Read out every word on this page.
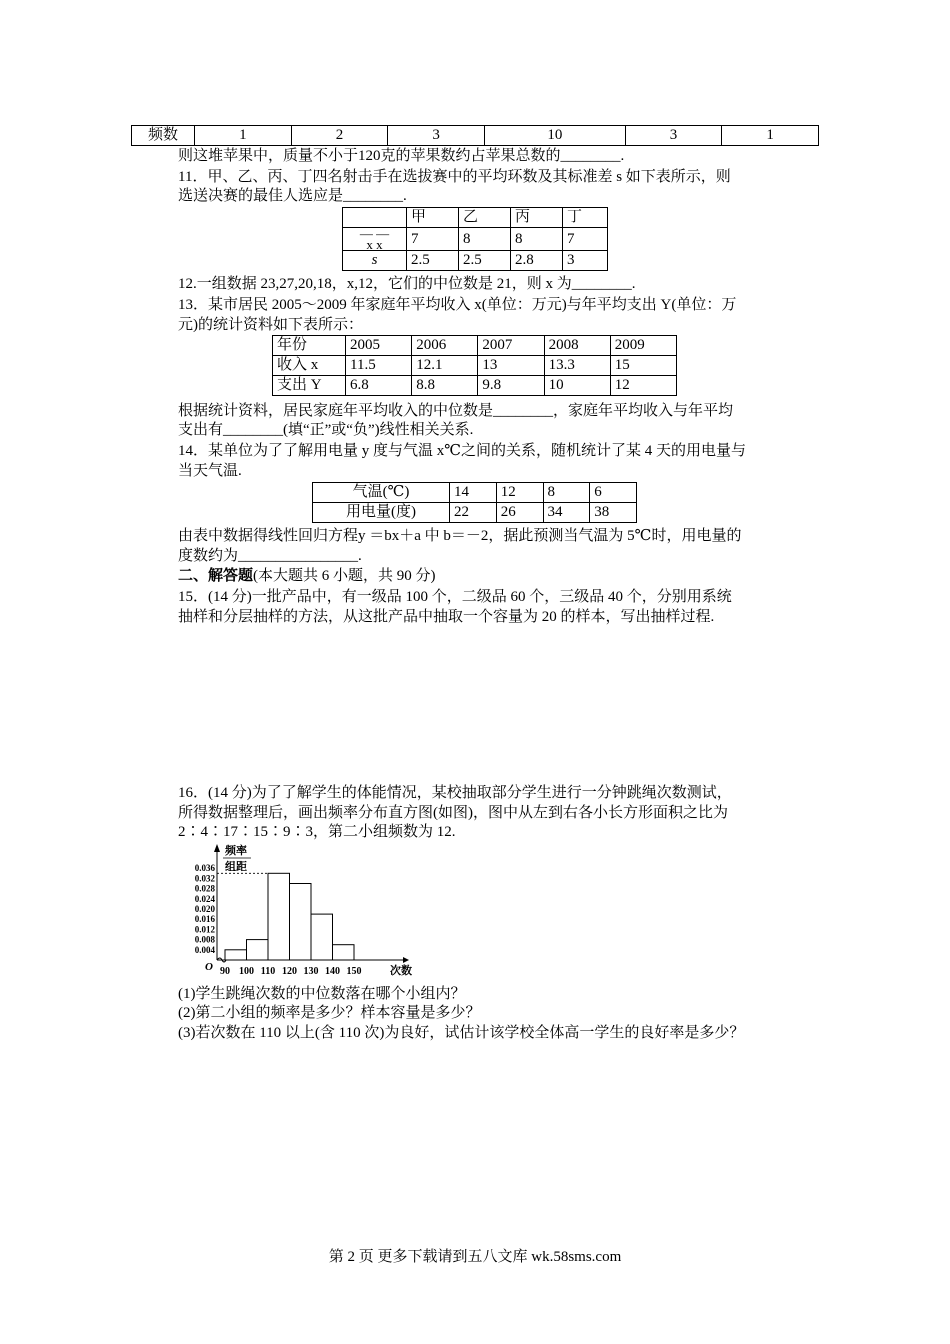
频数	1	2	3	10	3	1
则这堆苹果中，质量不小于120克的苹果数约占苹果总数的________.
11．甲、乙、丙、丁四名射击手在选拔赛中的平均环数及其标准差 s 如下表所示，则
选送决赛的最佳人选应是________.
	甲	乙	丙	丁

— —
x x	7	8	8	7
s	2.5	2.5	2.8	3
12.一组数据 23,27,20,18，x,12，它们的中位数是 21，则 x 为________.
13．某市居民 2005～2009 年家庭年平均收入 x(单位：万元)与年平均支出 Y(单位：万
元)的统计资料如下表所示：
年份	2005	2006	2007	2008	2009
收入 x	11.5	12.1	13	13.3	15
支出 Y	6.8	8.8	9.8	10	12
根据统计资料，居民家庭年平均收入的中位数是________，家庭年平均收入与年平均
支出有________(填“正”或“负”)线性相关关系.
14．某单位为了了解用电量 y 度与气温 x℃之间的关系，随机统计了某 4 天的用电量与
当天气温.
气温(℃)	14	12	8	6
用电量(度)	22	26	34	38
由表中数据得线性回归方程y ＝bx＋a 中 b＝－2，据此预测当气温为 5℃时，用电量的
度数约为________________.
二、解答题(本大题共 6 小题，共 90 分)
15．(14 分)一批产品中，有一级品 100 个，二级品 60 个，三级品 40 个，分别用系统
抽样和分层抽样的方法，从这批产品中抽取一个容量为 20 的样本，写出抽样过程.
16．(14 分)为了了解学生的体能情况，某校抽取部分学生进行一分钟跳绳次数测试，
所得数据整理后，画出频率分布直方图(如图)，图中从左到右各小长方形面积之比为
2∶4∶17∶15∶9∶3，第二小组频数为 12.
频率
组距
0.036
0.032
0.028
0.024
0.020
0.016
0.012
0.008
0.004
90 100 110 120 130 140 150
O	次数
(1)学生跳绳次数的中位数落在哪个小组内？
(2)第二小组的频率是多少？样本容量是多少？
(3)若次数在 110 以上(含 110 次)为良好，试估计该学校全体高一学生的良好率是多少？
第 2 页 更多下载请到五八文库 wk.58sms.com
